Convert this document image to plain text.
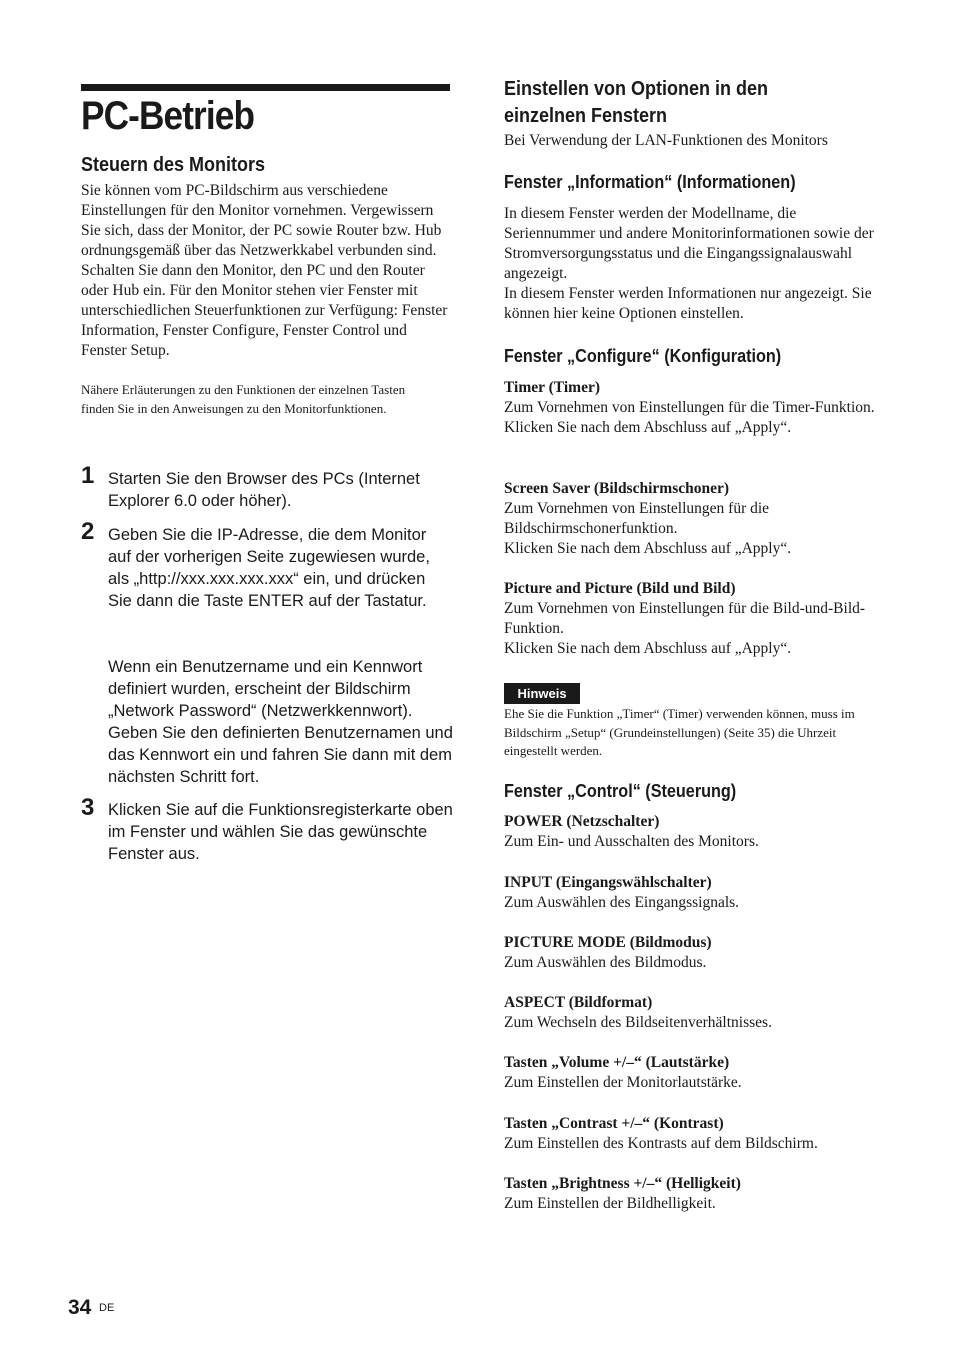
PC-Betrieb
Steuern des Monitors

Sie können vom PC-Bildschirm aus verschiedene Einstellungen für den Monitor vornehmen. Vergewissern Sie sich, dass der Monitor, der PC sowie Router bzw. Hub ordnungsgemäß über das Netzwerkkabel verbunden sind. Schalten Sie dann den Monitor, den PC und den Router oder Hub ein. Für den Monitor stehen vier Fenster mit unterschiedlichen Steuerfunktionen zur Verfügung: Fenster Information, Fenster Configure, Fenster Control und Fenster Setup.

Nähere Erläuterungen zu den Funktionen der einzelnen Tasten finden Sie in den Anweisungen zu den Monitorfunktionen.

1 Starten Sie den Browser des PCs (Internet Explorer 6.0 oder höher).

2 Geben Sie die IP-Adresse, die dem Monitor auf der vorherigen Seite zugewiesen wurde, als „http://xxx.xxx.xxx.xxx“ ein, und drücken Sie dann die Taste ENTER auf der Tastatur.

Wenn ein Benutzername und ein Kennwort definiert wurden, erscheint der Bildschirm „Network Password“ (Netzwerkkennwort). Geben Sie den definierten Benutzernamen und das Kennwort ein und fahren Sie dann mit dem nächsten Schritt fort.

3 Klicken Sie auf die Funktionsregisterkarte oben im Fenster und wählen Sie das gewünschte Fenster aus.

Einstellen von Optionen in den einzelnen Fenstern

Bei Verwendung der LAN-Funktionen des Monitors

Fenster „Information“ (Informationen)

In diesem Fenster werden der Modellname, die Seriennummer und andere Monitorinformationen sowie der Stromversorgungsstatus und die Eingangssignalauswahl angezeigt.

In diesem Fenster werden Informationen nur angezeigt. Sie können hier keine Optionen einstellen.

Fenster „Configure“ (Konfiguration)
Timer (Timer)
Zum Vornehmen von Einstellungen für die Timer-Funktion.
Klicken Sie nach dem Abschluss auf „Apply“.
Screen Saver (Bildschirmschoner)
Zum Vornehmen von Einstellungen für die Bildschirmschonerfunktion.
Klicken Sie nach dem Abschluss auf „Apply“.
Picture and Picture (Bild und Bild)
Zum Vornehmen von Einstellungen für die Bild-und-Bild-Funktion.
Klicken Sie nach dem Abschluss auf „Apply“.
Hinweis

Ehe Sie die Funktion „Timer“ (Timer) verwenden können, muss im Bildschirm „Setup“ (Grundeinstellungen) (Seite 35) die Uhrzeit eingestellt werden.

Fenster „Control“ (Steuerung)
POWER (Netzschalter)
Zum Ein- und Ausschalten des Monitors.
INPUT (Eingangswählschalter)
Zum Auswählen des Eingangssignals.
PICTURE MODE (Bildmodus)
Zum Auswählen des Bildmodus.
ASPECT (Bildformat)
Zum Wechseln des Bildseitenverhältnisses.
Tasten „Volume +/–“ (Lautstärke)
Zum Einstellen der Monitorlautstärke.
Tasten „Contrast +/–“ (Kontrast)
Zum Einstellen des Kontrasts auf dem Bildschirm.
Tasten „Brightness +/–“ (Helligkeit)
Zum Einstellen der Bildhelligkeit.
34 DE
